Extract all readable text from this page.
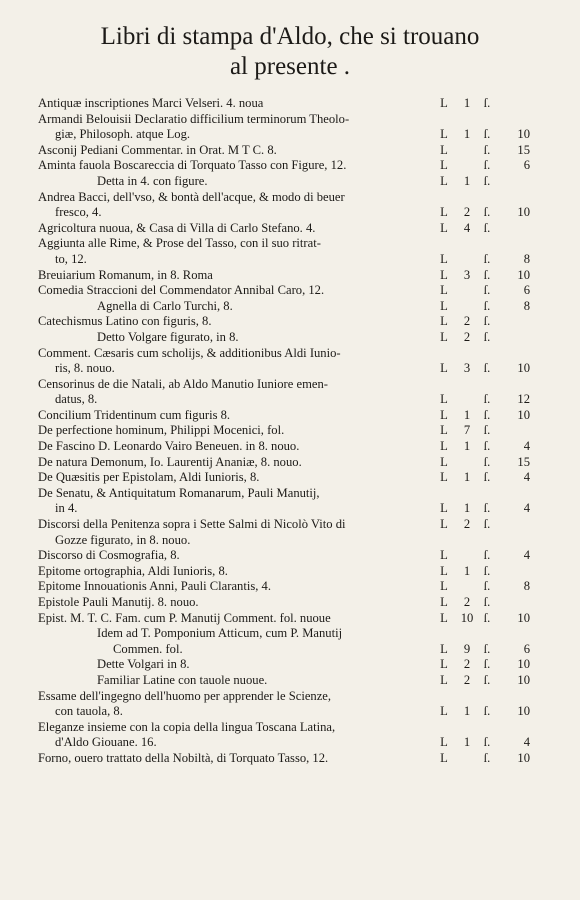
Libri di stampa d'Aldo, che si trouano
al presente .
Antiquæ inscriptiones Marci Velseri. 4. noua	L	1	ſ.
Armandi Belouisii Declaratio difficilium terminorum Theolo-
giæ, Philosoph. atque Log.	L	1	ſ.	10
Asconij Pediani Commentar. in Orat. M T C. 8.	L	ſ.	15
Aminta fauola Boscareccia di Torquato Tasso con Figure, 12.	L	ſ.	6
Detta in 4. con figure.	L	1	ſ.
Andrea Bacci, dell'vso, & bontà dell'acque, & modo di beuer
fresco, 4.	L	2	ſ.	10
Agricoltura nuoua, & Casa di Villa di Carlo Stefano. 4.	L	4	ſ.
Aggiunta alle Rime, & Prose del Tasso, con il suo ritrat-
to, 12.	L	ſ.	8
Breuiarium Romanum, in 8. Roma	L	3	ſ.	10
Comedia Straccioni del Commendator Annibal Caro, 12.	L	ſ.	6
Agnella di Carlo Turchi, 8.	L	ſ.	8
Catechismus Latino con figuris, 8.	L	2	ſ.
Detto Volgare figurato, in 8.	L	2	ſ.
Comment. Cæsaris cum scholijs, & additionibus Aldi Iunio-
ris, 8. nouo.	L	3	ſ.	10
Censorinus de die Natali, ab Aldo Manutio Iuniore emen-
datus, 8.	L	ſ.	12
Concilium Tridentinum cum figuris 8.	L	1	ſ.	10
De perfectione hominum, Philippi Mocenici, fol.	L	7	ſ.
De Fascino D. Leonardo Vairo Beneuen. in 8. nouo.	L	1	ſ.	4
De natura Demonum, Io. Laurentij Ananiæ, 8. nouo.	L	ſ.	15
De Quæsitis per Epistolam, Aldi Iunioris, 8.	L	1	ſ.	4
De Senatu, & Antiquitatum Romanarum, Pauli Manutij,
in 4.	L	1	ſ.	4
Discorsi della Penitenza sopra i Sette Salmi di Nicolò Vito di	L	2	ſ.
Gozze figurato, in 8. nouo.
Discorso di Cosmografia, 8.	L	ſ.	4
Epitome ortographia, Aldi Iunioris, 8.	L	1	ſ.
Epitome Innouationis Anni, Pauli Clarantis, 4.	L	ſ.	8
Epistole Pauli Manutij. 8. nouo.	L	2	ſ.
Epist. M. T. C. Fam. cum P. Manutij Comment. fol. nuoue	L 10 ſ.	10
Idem ad T. Pomponium Atticum, cum P. Manutij
Commen. fol.	L	9	ſ.	6
Dette Volgari in 8.	L	2	ſ.	10
Familiar Latine con tauole nuoue.	L	2	ſ.	10
Essame dell'ingegno dell'huomo per apprender le Scienze,
con tauola, 8.	L	1	ſ.	10
Eleganze insieme con la copia della lingua Toscana Latina,
d'Aldo Giouane. 16.	L	1	ſ.	4
Forno, ouero trattato della Nobiltà, di Torquato Tasso, 12.	L	ſ.	10
